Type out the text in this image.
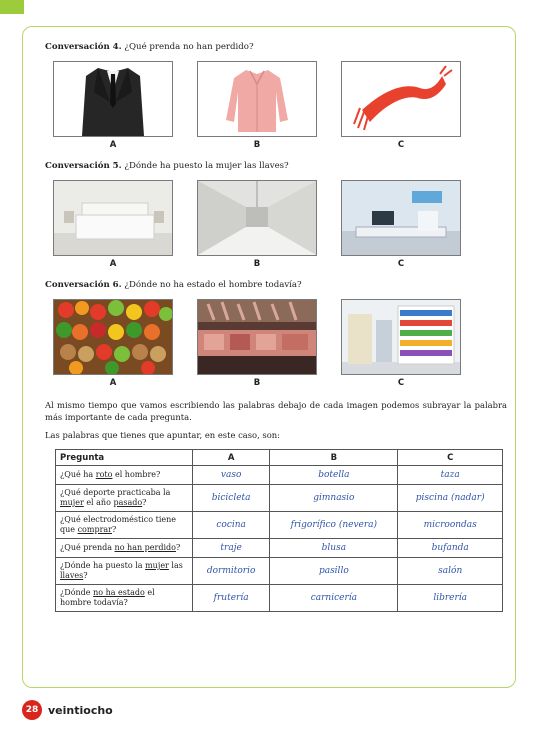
Conversación 4. ¿Qué prenda no han perdido?
A	B	C
Conversación 5. ¿Dónde ha puesto la mujer las llaves?
A	B	C
Conversación 6. ¿Dónde no ha estado el hombre todavía?
A	B	C

Al mismo tiempo que vamos escribiendo las palabras debajo de cada imagen podemos subrayar la palabra más importante de cada pregunta.

Las palabras que tienes que apuntar, en este caso, son:

Pregunta	A	B	C
¿Qué ha roto el hombre?	vaso	botella	taza
¿Qué deporte practicaba la mujer el año pasado?	bicicleta	gimnasio	piscina (nadar)
¿Qué electrodoméstico tiene que comprar?	cocina	frigorífico (nevera)	microondas
¿Qué prenda no han perdido?	traje	blusa	bufanda
¿Dónde ha puesto la mujer las llaves?	dormitorio	pasillo	salón
¿Dónde no ha estado el hombre todavía?	frutería	carnicería	librería
28 veintiocho
